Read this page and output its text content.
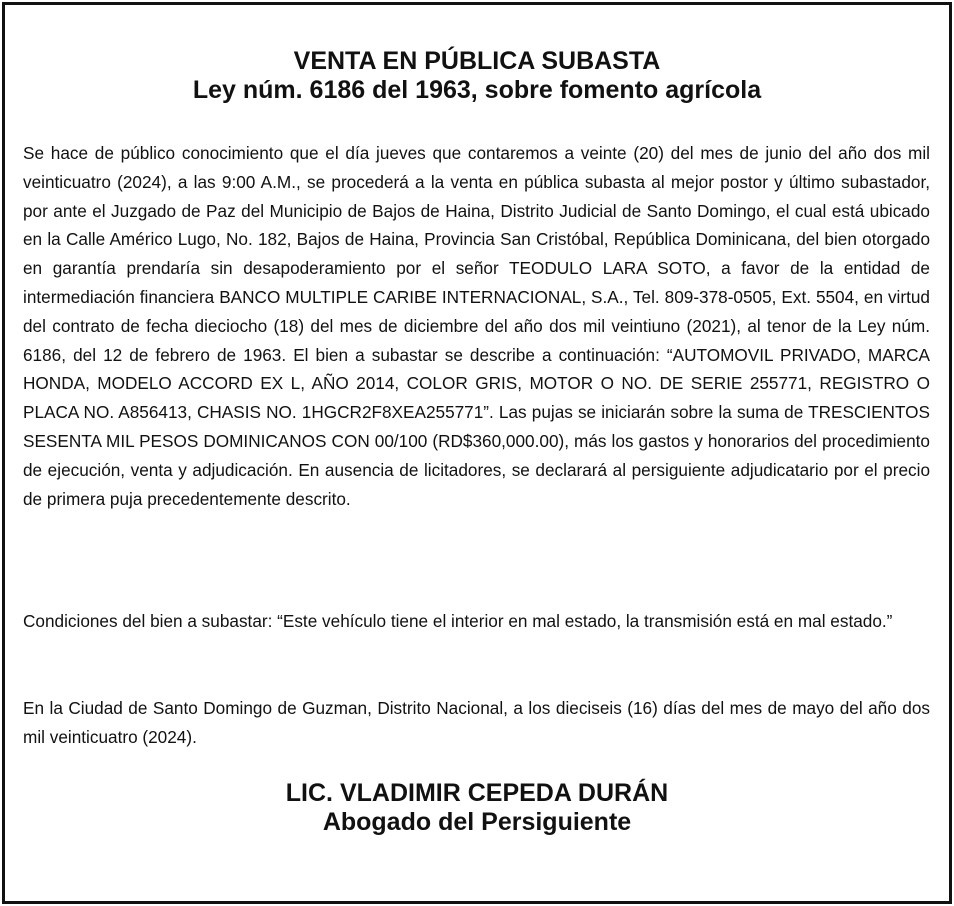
VENTA EN PÚBLICA SUBASTA
Ley núm. 6186 del 1963, sobre fomento agrícola

Se hace de público conocimiento que el día jueves que contaremos a veinte (20) del mes de junio del año dos mil veinticuatro (2024), a las 9:00 A.M., se procederá a la venta en pública subasta al mejor postor y último subastador, por ante el Juzgado de Paz del Municipio de Bajos de Haina, Distrito Judicial de Santo Domingo, el cual está ubicado en la Calle Américo Lugo, No. 182, Bajos de Haina, Provincia San Cristóbal, República Dominicana, del bien otorgado en garantía prendaría sin desapoderamiento por el señor TEODULO LARA SOTO, a favor de la entidad de intermediación financiera BANCO MULTIPLE CARIBE INTERNACIONAL, S.A., Tel. 809-378-0505, Ext. 5504, en virtud del contrato de fecha dieciocho (18) del mes de diciembre del año dos mil veintiuno (2021), al tenor de la Ley núm. 6186, del 12 de febrero de 1963. El bien a subastar se describe a continuación: “AUTOMOVIL PRIVADO, MARCA HONDA, MODELO ACCORD EX L, AÑO 2014, COLOR GRIS, MOTOR O NO. DE SERIE 255771, REGISTRO O PLACA NO. A856413, CHASIS NO. 1HGCR2F8XEA255771”. Las pujas se iniciarán sobre la suma de TRESCIENTOS SESENTA MIL PESOS DOMINICANOS CON 00/100 (RD$360,000.00), más los gastos y honorarios del procedimiento de ejecución, venta y adjudicación. En ausencia de licitadores, se declarará al persiguiente adjudicatario por el precio de primera puja precedentemente descrito.

Condiciones del bien a subastar: “Este vehículo tiene el interior en mal estado, la transmisión está en mal estado.”

En la Ciudad de Santo Domingo de Guzman, Distrito Nacional, a los dieciseis (16) días del mes de mayo del año dos mil veinticuatro (2024).

LIC. VLADIMIR CEPEDA DURÁN
Abogado del Persiguiente
